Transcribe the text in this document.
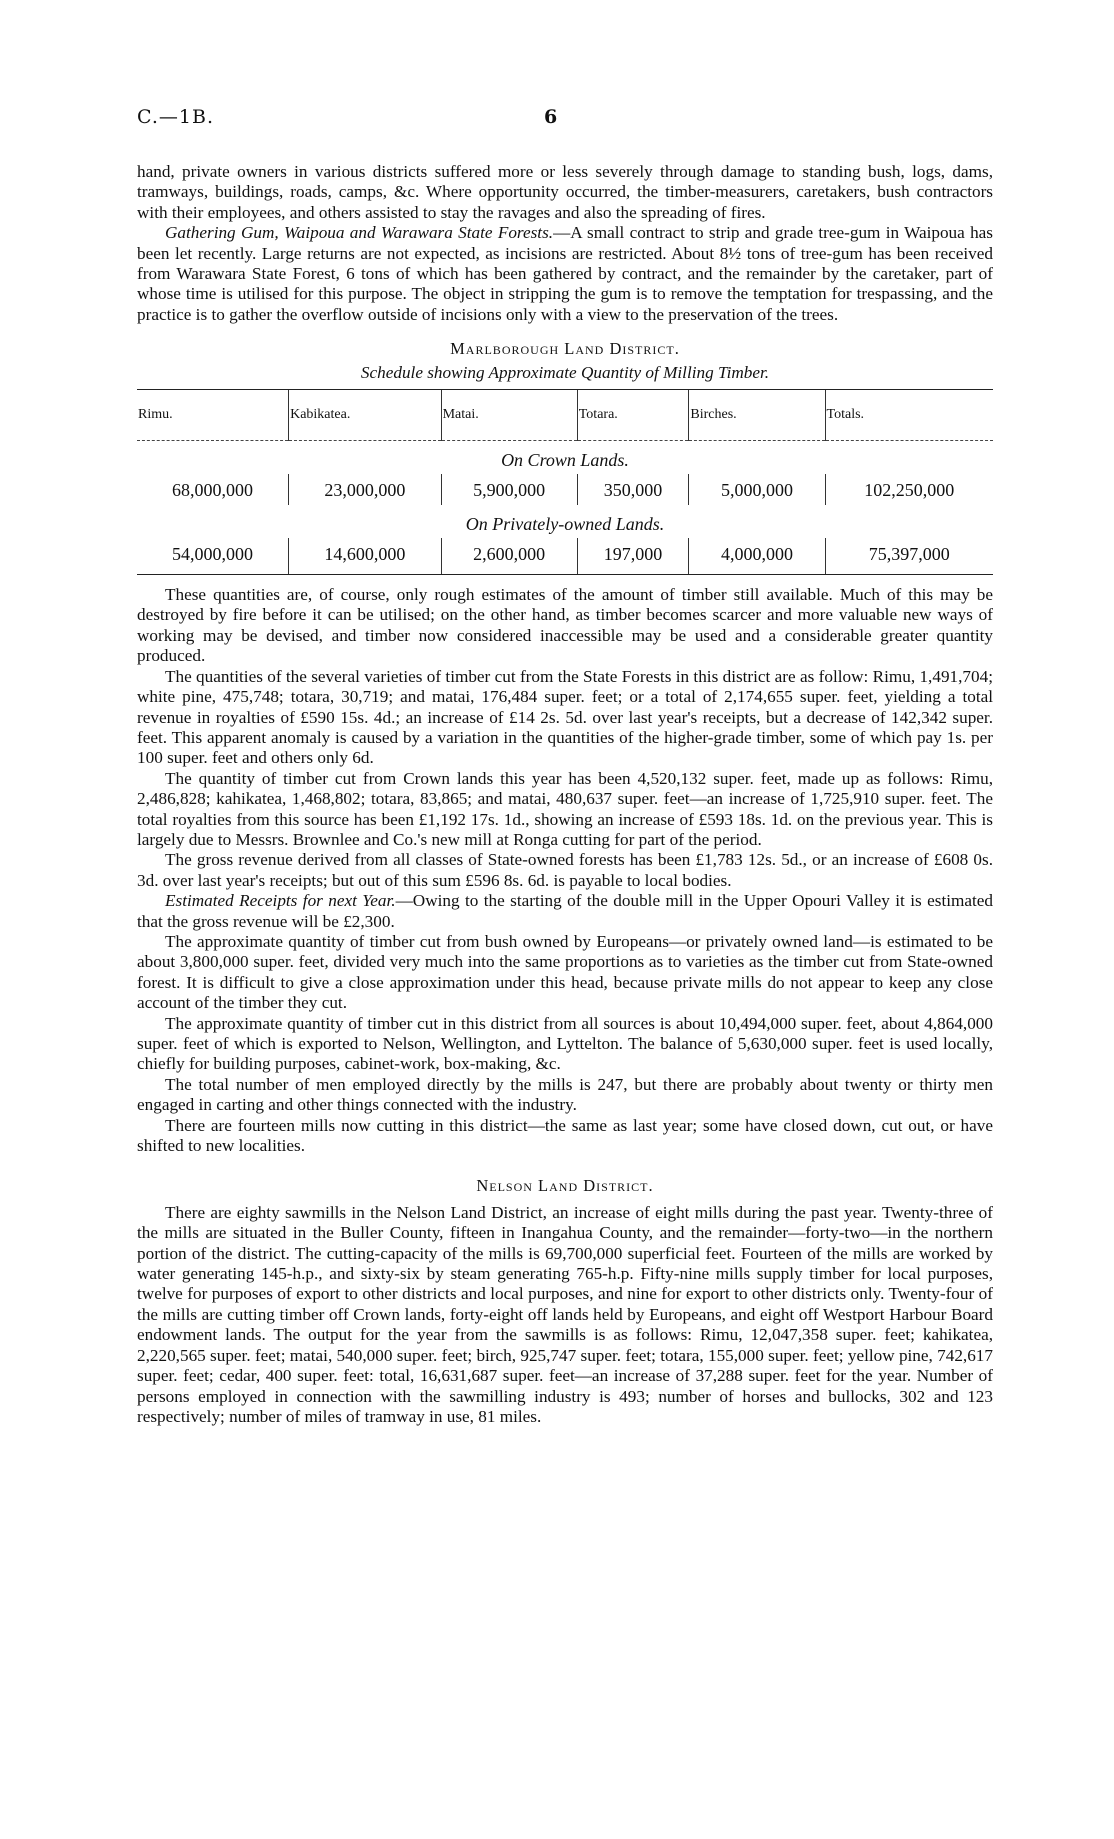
C.—1B.	6

hand, private owners in various districts suffered more or less severely through damage to standing bush, logs, dams, tramways, buildings, roads, camps, &c. Where opportunity occurred, the timber-measurers, caretakers, bush contractors with their employees, and others assisted to stay the ravages and also the spreading of fires.

Gathering Gum, Waipoua and Warawara State Forests.—A small contract to strip and grade tree-gum in Waipoua has been let recently. Large returns are not expected, as incisions are restricted. About 8½ tons of tree-gum has been received from Warawara State Forest, 6 tons of which has been gathered by contract, and the remainder by the caretaker, part of whose time is utilised for this purpose. The object in stripping the gum is to remove the temptation for trespassing, and the practice is to gather the overflow outside of incisions only with a view to the preservation of the trees.

Marlborough Land District.

Schedule showing Approximate Quantity of Milling Timber.

Rimu.	Kabikatea.	Matai.	Totara.	Birches.	Totals.
On Crown Lands.					
68,000,000	23,000,000	5,900,000	350,000	5,000,000	102,250,000
On Privately-owned Lands.					
54,000,000	14,600,000	2,600,000	197,000	4,000,000	75,397,000

These quantities are, of course, only rough estimates of the amount of timber still available. Much of this may be destroyed by fire before it can be utilised; on the other hand, as timber becomes scarcer and more valuable new ways of working may be devised, and timber now considered inaccessible may be used and a considerable greater quantity produced.

The quantities of the several varieties of timber cut from the State Forests in this district are as follow: Rimu, 1,491,704; white pine, 475,748; totara, 30,719; and matai, 176,484 super. feet; or a total of 2,174,655 super. feet, yielding a total revenue in royalties of £590 15s. 4d.; an increase of £14 2s. 5d. over last year's receipts, but a decrease of 142,342 super. feet. This apparent anomaly is caused by a variation in the quantities of the higher-grade timber, some of which pay 1s. per 100 super. feet and others only 6d.

The quantity of timber cut from Crown lands this year has been 4,520,132 super. feet, made up as follows: Rimu, 2,486,828; kahikatea, 1,468,802; totara, 83,865; and matai, 480,637 super. feet—an increase of 1,725,910 super. feet. The total royalties from this source has been £1,192 17s. 1d., showing an increase of £593 18s. 1d. on the previous year. This is largely due to Messrs. Brownlee and Co.'s new mill at Ronga cutting for part of the period.

The gross revenue derived from all classes of State-owned forests has been £1,783 12s. 5d., or an increase of £608 0s. 3d. over last year's receipts; but out of this sum £596 8s. 6d. is payable to local bodies.

Estimated Receipts for next Year.—Owing to the starting of the double mill in the Upper Opouri Valley it is estimated that the gross revenue will be £2,300.

The approximate quantity of timber cut from bush owned by Europeans—or privately owned land—is estimated to be about 3,800,000 super. feet, divided very much into the same proportions as to varieties as the timber cut from State-owned forest. It is difficult to give a close approximation under this head, because private mills do not appear to keep any close account of the timber they cut.

The approximate quantity of timber cut in this district from all sources is about 10,494,000 super. feet, about 4,864,000 super. feet of which is exported to Nelson, Wellington, and Lyttelton. The balance of 5,630,000 super. feet is used locally, chiefly for building purposes, cabinet-work, box-making, &c.

The total number of men employed directly by the mills is 247, but there are probably about twenty or thirty men engaged in carting and other things connected with the industry.

There are fourteen mills now cutting in this district—the same as last year; some have closed down, cut out, or have shifted to new localities.

Nelson Land District.

There are eighty sawmills in the Nelson Land District, an increase of eight mills during the past year. Twenty-three of the mills are situated in the Buller County, fifteen in Inangahua County, and the remainder—forty-two—in the northern portion of the district. The cutting-capacity of the mills is 69,700,000 superficial feet. Fourteen of the mills are worked by water generating 145-h.p., and sixty-six by steam generating 765-h.p. Fifty-nine mills supply timber for local purposes, twelve for purposes of export to other districts and local purposes, and nine for export to other districts only. Twenty-four of the mills are cutting timber off Crown lands, forty-eight off lands held by Europeans, and eight off Westport Harbour Board endowment lands. The output for the year from the sawmills is as follows: Rimu, 12,047,358 super. feet; kahikatea, 2,220,565 super. feet; matai, 540,000 super. feet; birch, 925,747 super. feet; totara, 155,000 super. feet; yellow pine, 742,617 super. feet; cedar, 400 super. feet: total, 16,631,687 super. feet—an increase of 37,288 super. feet for the year. Number of persons employed in connection with the sawmilling industry is 493; number of horses and bullocks, 302 and 123 respectively; number of miles of tramway in use, 81 miles.
